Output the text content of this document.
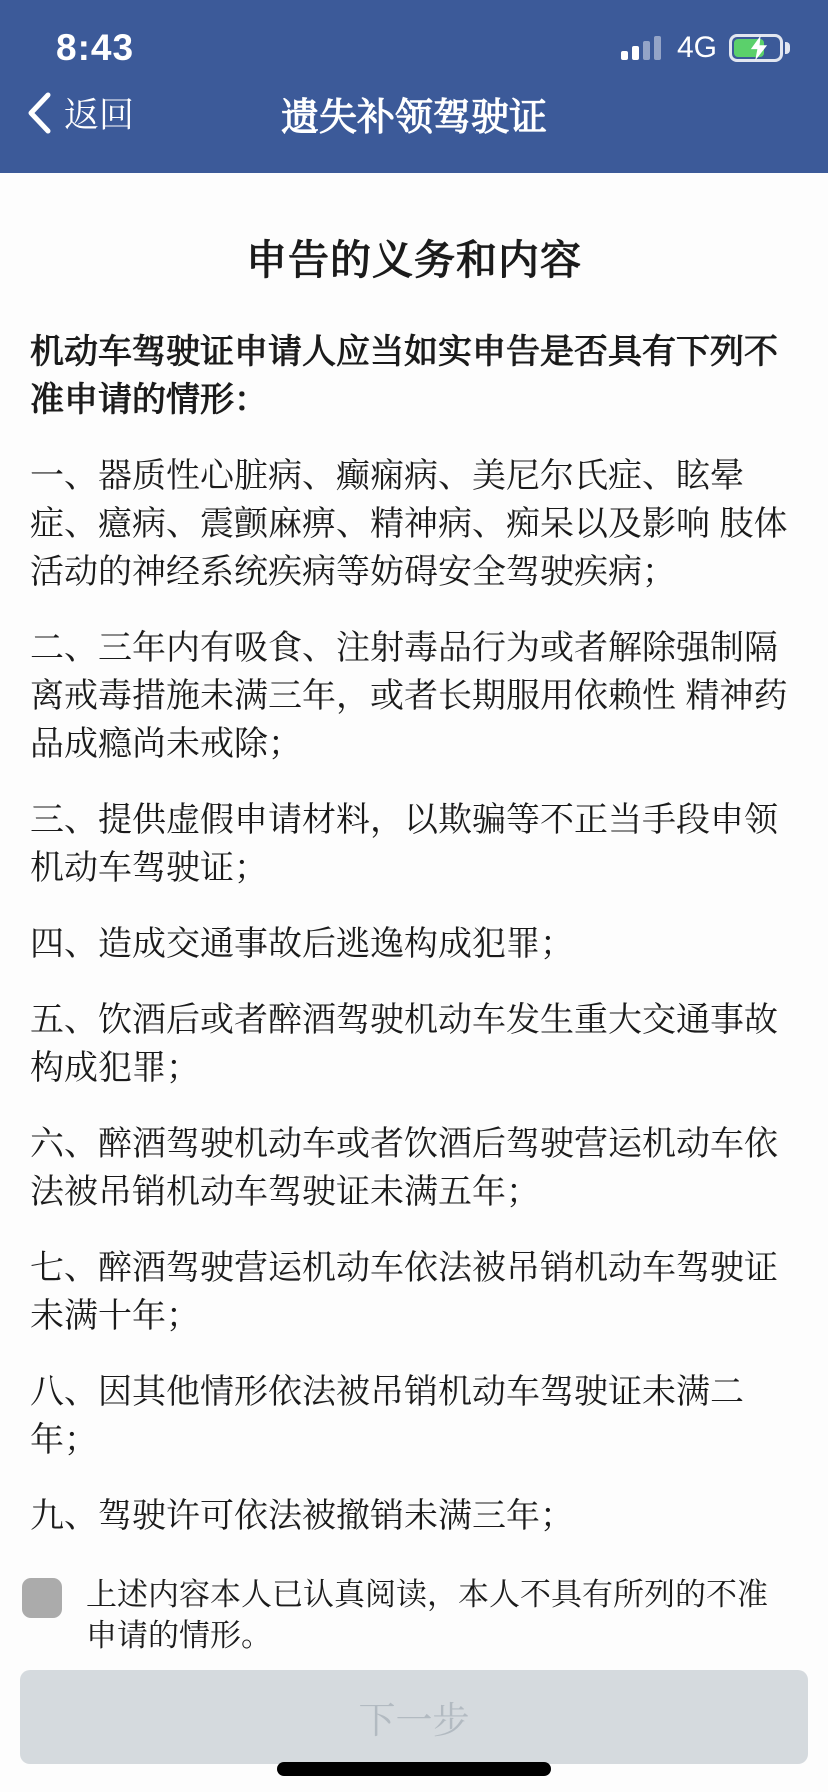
8:43	4G
返回	遗失补领驾驶证
申告的义务和内容

机动车驾驶证申请人应当如实申告是否具有下列不准申请的情形：

一、器质性心脏病、癫痫病、美尼尔氏症、眩晕症、癔病、震颤麻痹、精神病、痴呆以及影响 肢体活动的神经系统疾病等妨碍安全驾驶疾病；

二、三年内有吸食、注射毒品行为或者解除强制隔离戒毒措施未满三年，或者长期服用依赖性 精神药品成瘾尚未戒除；

三、提供虚假申请材料，以欺骗等不正当手段申领机动车驾驶证；

四、造成交通事故后逃逸构成犯罪；

五、饮酒后或者醉酒驾驶机动车发生重大交通事故构成犯罪；

六、醉酒驾驶机动车或者饮酒后驾驶营运机动车依法被吊销机动车驾驶证未满五年；

七、醉酒驾驶营运机动车依法被吊销机动车驾驶证未满十年；

八、因其他情形依法被吊销机动车驾驶证未满二年；

九、驾驶许可依法被撤销未满三年；

上述内容本人已认真阅读，本人不具有所列的不准申请的情形。
下一步
